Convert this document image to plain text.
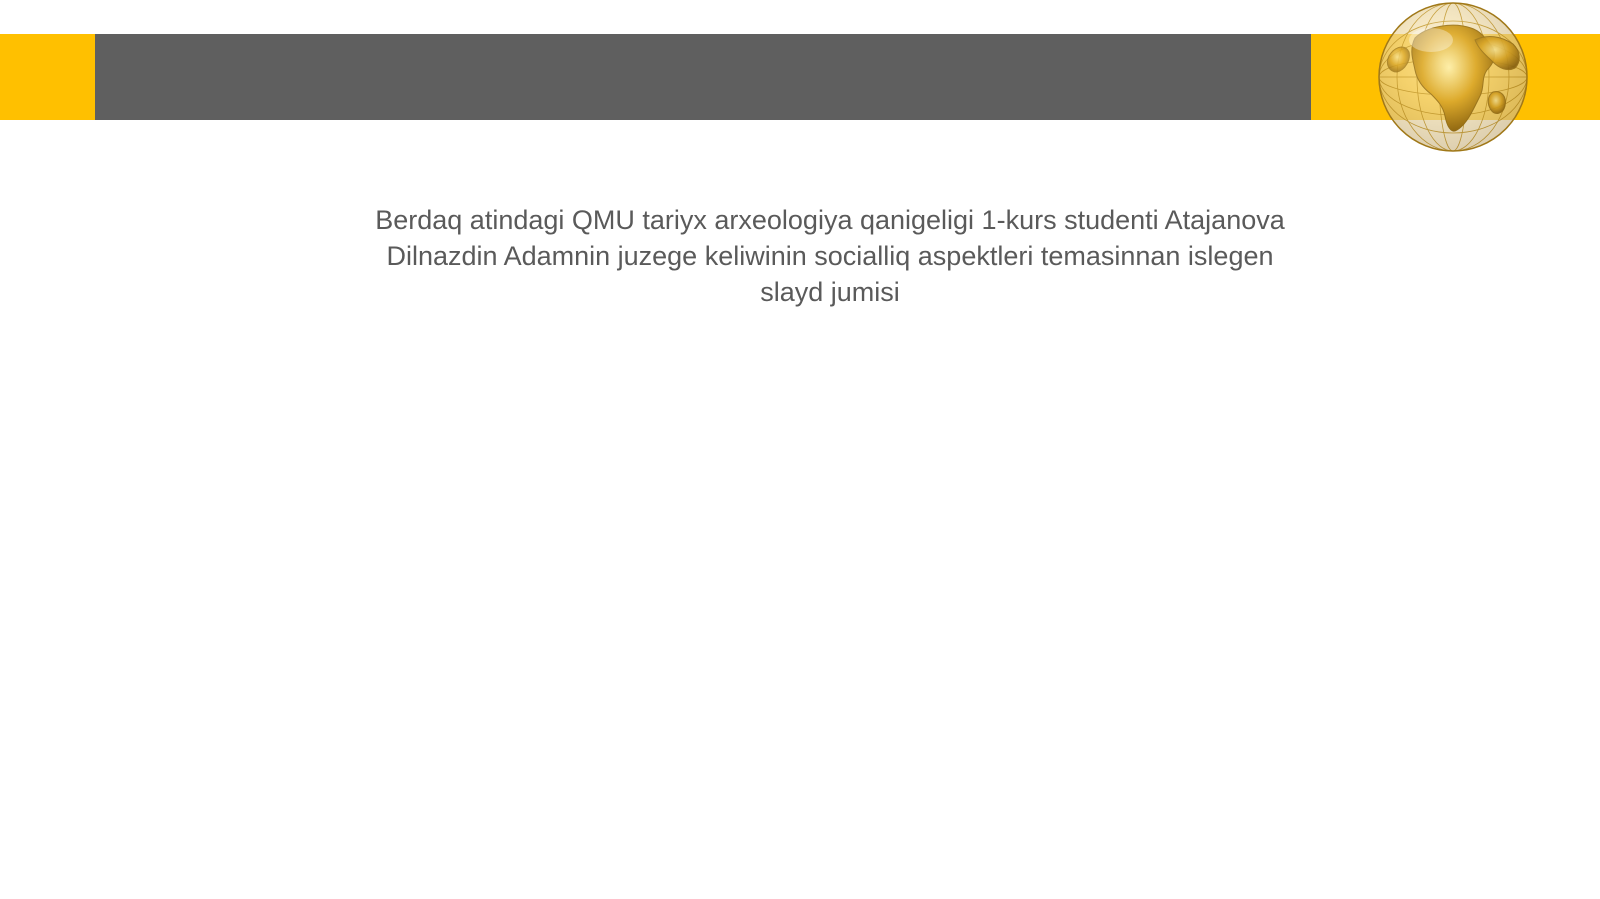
Berdaq atindagi QMU tariyx arxeologiya qanigeligi 1-kurs studenti Atajanova
Dilnazdin Adamnin juzege keliwinin socialliq aspektleri temasinnan islegen
slayd jumisi
